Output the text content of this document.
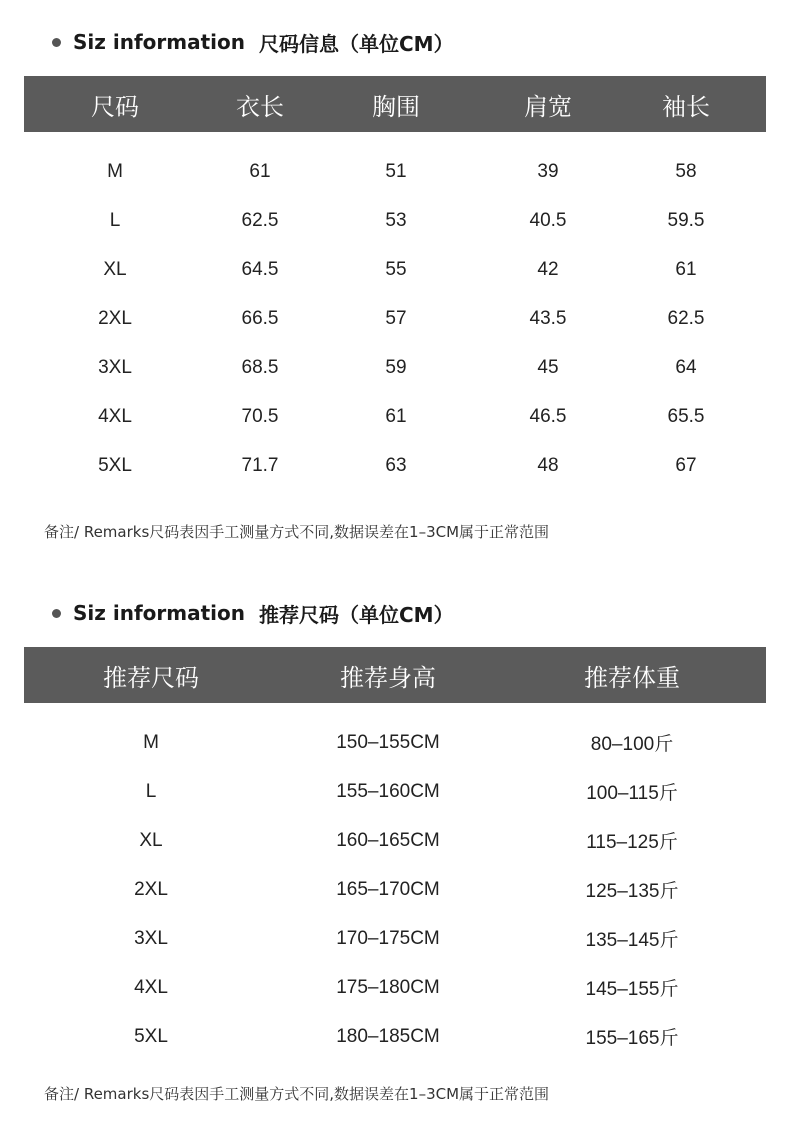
Siz information 尺码信息（单位CM）
尺码	衣长	胸围	肩宽	袖长
M	61	51	39	58
L	62.5	53	40.5	59.5
XL	64.5	55	42	61
2XL	66.5	57	43.5	62.5
3XL	68.5	59	45	64
4XL	70.5	61	46.5	65.5
5XL	71.7	63	48	67
备注/ Remarks尺码表因手工测量方式不同,数据误差在1–3CM属于正常范围
Siz information 推荐尺码（单位CM）
推荐尺码	推荐身高	推荐体重
M	150–155CM	80–100斤
L	155–160CM	100–115斤
XL	160–165CM	115–125斤
2XL	165–170CM	125–135斤
3XL	170–175CM	135–145斤
4XL	175–180CM	145–155斤
5XL	180–185CM	155–165斤
备注/ Remarks尺码表因手工测量方式不同,数据误差在1–3CM属于正常范围
